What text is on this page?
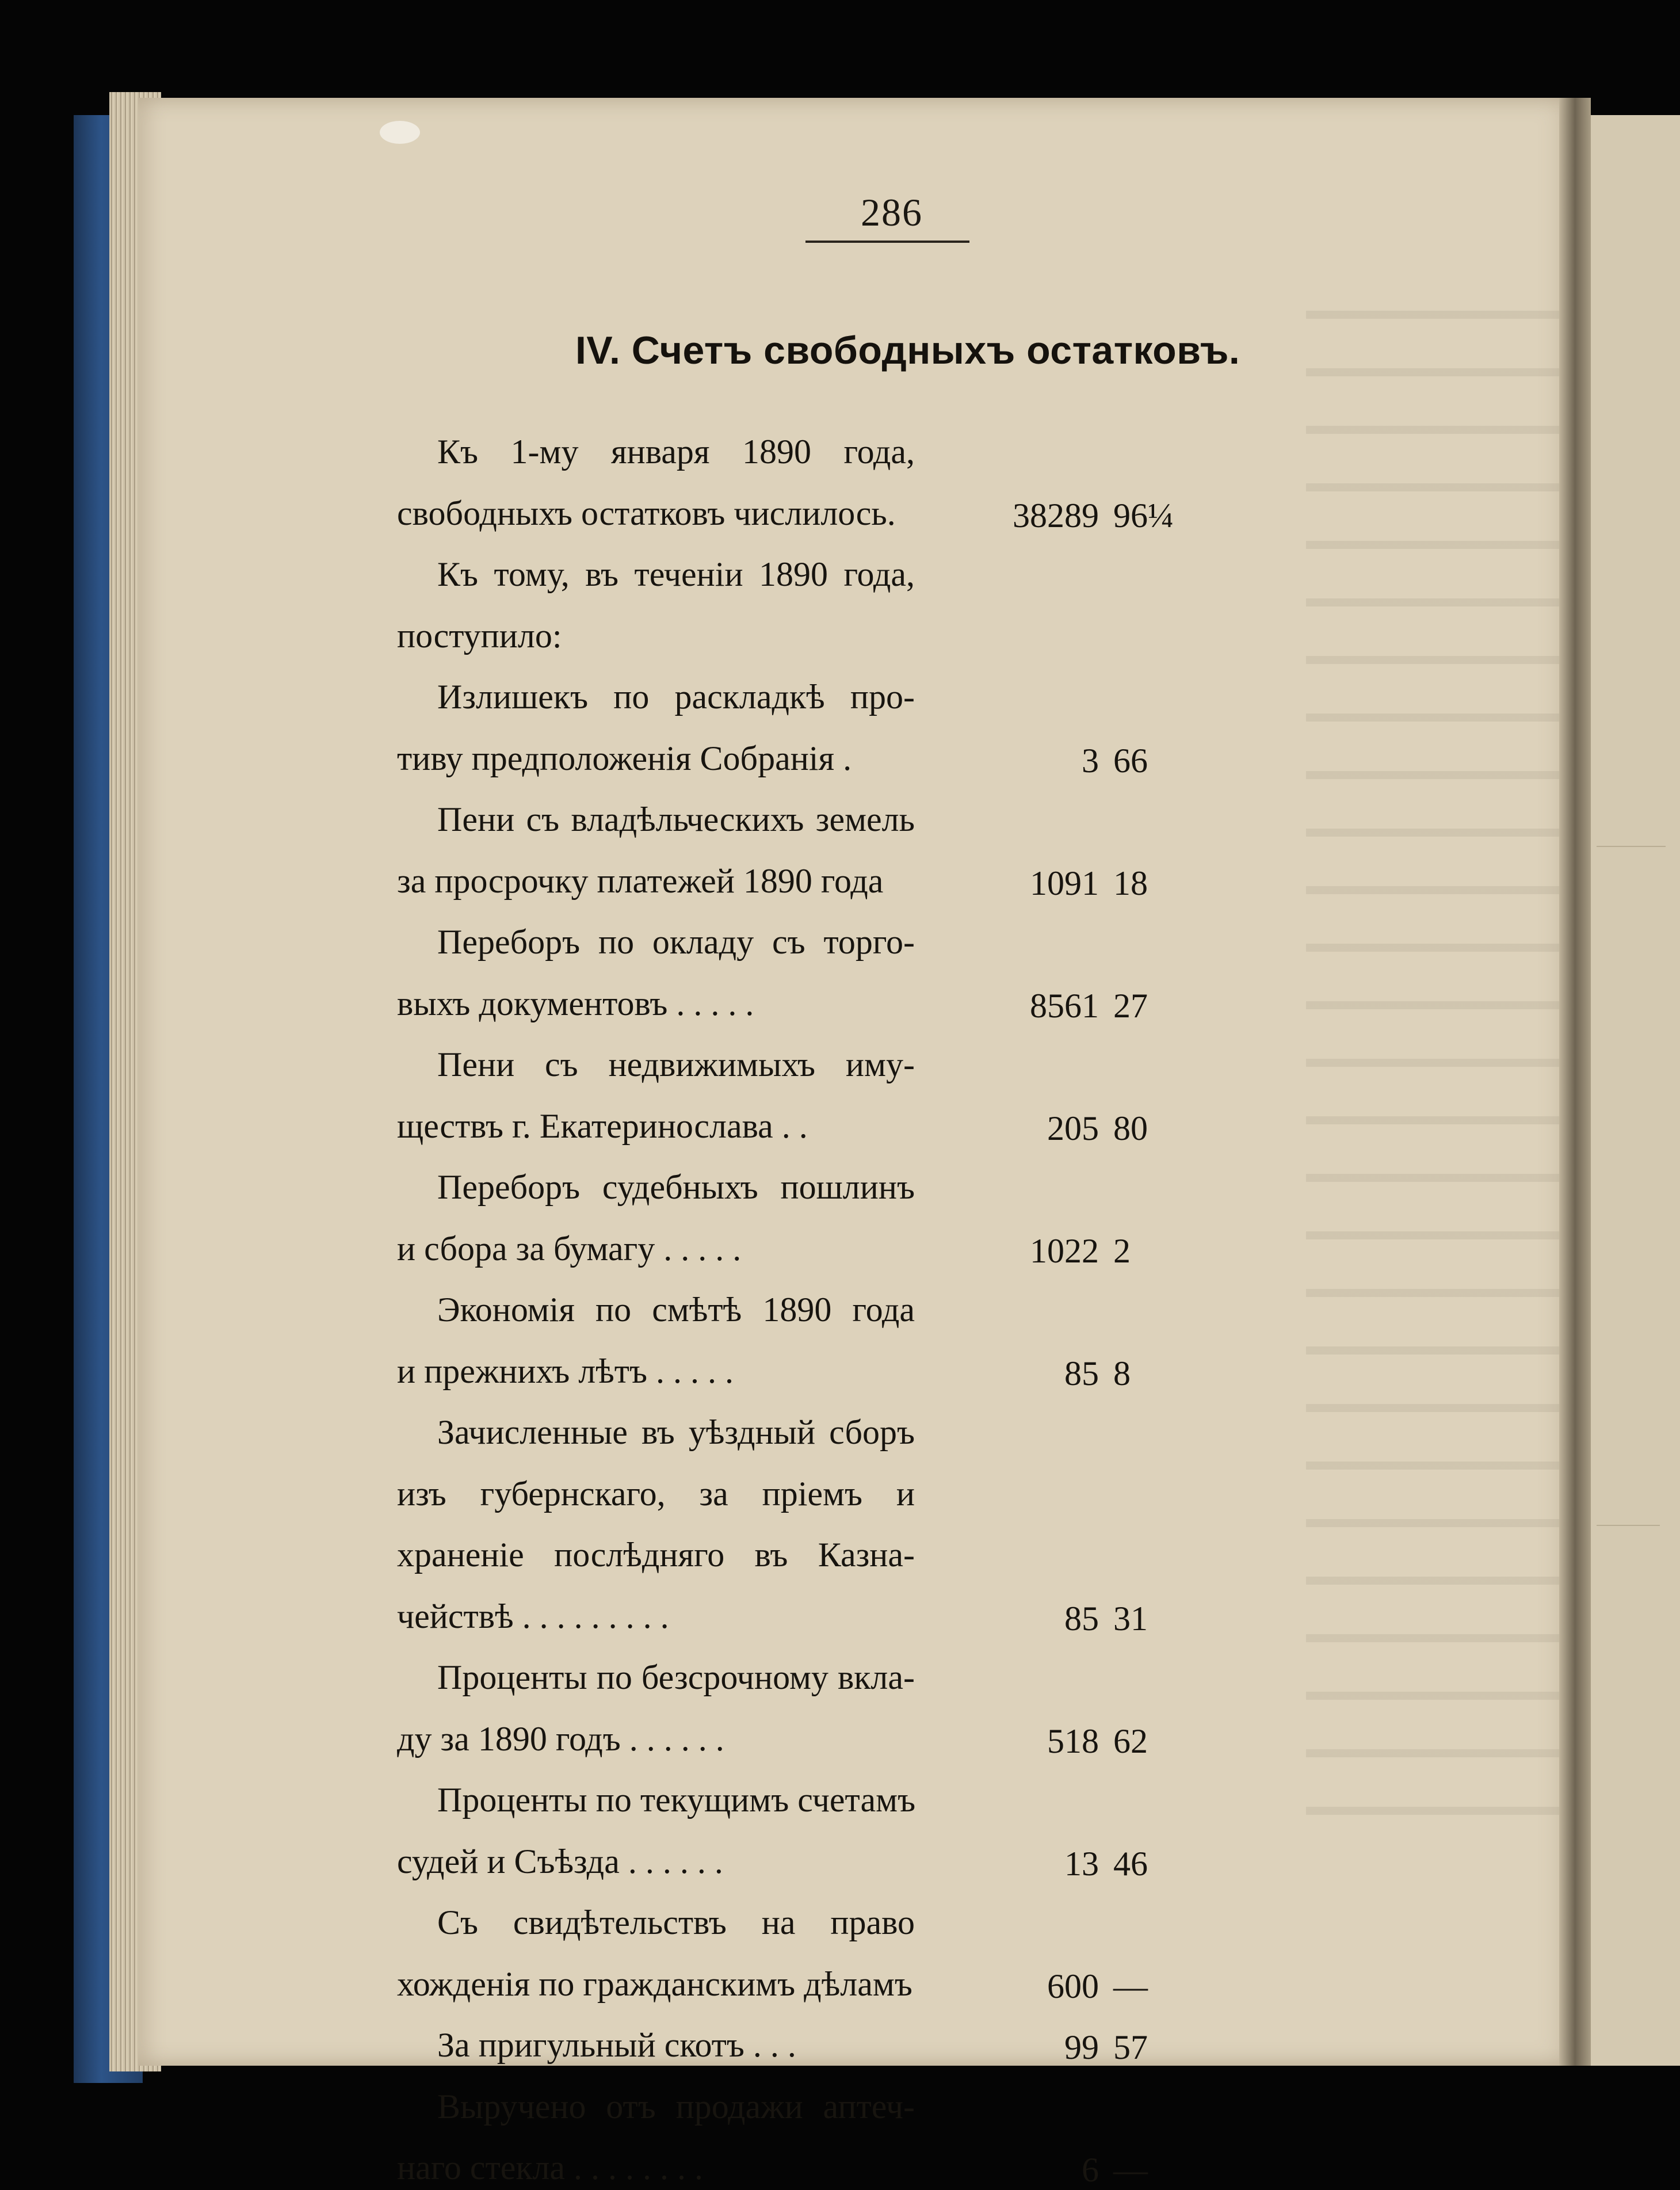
286
IV. Счетъ свободныхъ остатковъ.
Къ 1-му января 1890 года,
свободныхъ остатковъ числилось.	38289 96¼
Къ тому, въ теченіи 1890 года,
поступило:
Излишекъ по раскладкѣ про-
тиву предположенія Собранія .	3 66
Пени съ владѣльческихъ земель
за просрочку платежей 1890 года	1091 18
Переборъ по окладу съ торго-
выхъ документовъ . . . . .	8561 27
Пени съ недвижимыхъ иму-
ществъ г. Екатеринослава . .	205 80
Переборъ судебныхъ пошлинъ
и сбора за бумагу . . . . .	1022 2
Экономія по смѣтѣ 1890 года
и прежнихъ лѣтъ . . . . .	85 8
Зачисленные въ уѣздный сборъ
изъ губернскаго, за пріемъ и
храненіе послѣдняго въ Казна-
чействѣ . . . . . . . . .	85 31
Проценты по безсрочному вкла-
ду за 1890 годъ . . . . . .	518 62
Проценты по текущимъ счетамъ
судей и Съѣзда . . . . . .	13 46
Съ свидѣтельствъ на право
хожденія по гражданскимъ дѣламъ	600 —
За пригульный скотъ . . .	99 57
Выручено отъ продажи аптеч-
наго стекла . . . . . . . .	6 —
